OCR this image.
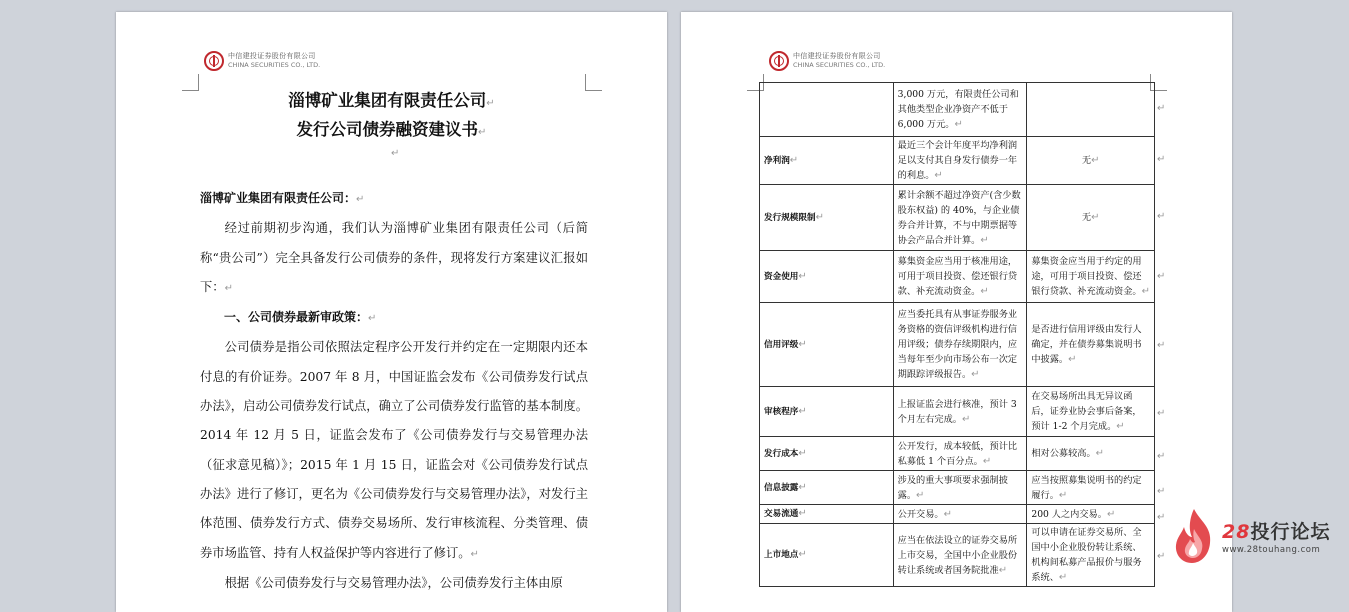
中信建投证券股份有限公司
CHINA SECURITIES CO., LTD.
淄博矿业集团有限责任公司↵
发行公司债券融资建议书↵
↵

淄博矿业集团有限责任公司：↵

经过前期初步沟通，我们认为淄博矿业集团有限责任公司（后简称“贵公司”）完全具备发行公司债券的条件，现将发行方案建议汇报如下：↵

一、公司债券最新审政策：↵

公司债券是指公司依照法定程序公开发行并约定在一定期限内还本付息的有价证券。2007 年 8 月，中国证监会发布《公司债券发行试点办法》，启动公司债券发行试点，确立了公司债券发行监管的基本制度。2014 年 12 月 5 日，证监会发布了《公司债券发行与交易管理办法（征求意见稿）》；2015 年 1 月 15 日，证监会对《公司债券发行试点办法》进行了修订，更名为《公司债券发行与交易管理办法》，对发行主体范围、债券发行方式、债券交易场所、发行审核流程、分类管理、债券市场监管、持有人权益保护等内容进行了修订。↵

根据《公司债券发行与交易管理办法》，公司债券发行主体由原

中信建投证券股份有限公司
CHINA SECURITIES CO., LTD.
	3,000 万元，有限责任公司和其他类型企业净资产不低于 6,000 万元。↵	
净利润↵	最近三个会计年度平均净利润足以支付其自身发行债券一年的利息。↵	无↵
发行规模限制↵	累计余额不超过净资产(含少数股东权益) 的 40%，与企业债券合并计算，不与中期票据等协会产品合并计算。↵	无↵
资金使用↵	募集资金应当用于核准用途，可用于项目投资、偿还银行贷款、补充流动资金。↵	募集资金应当用于约定的用途，可用于项目投资、偿还银行贷款、补充流动资金。↵
信用评级↵	应当委托具有从事证券服务业务资格的资信评级机构进行信用评级；债券存续期限内，应当每年至少向市场公布一次定期跟踪评级报告。↵	是否进行信用评级由发行人确定，并在债券募集说明书中披露。↵
审核程序↵	上报证监会进行核准，预计 3 个月左右完成。↵	在交易场所出具无异议函后，证券业协会事后备案，预计 1-2 个月完成。↵
发行成本↵	公开发行，成本较低，预计比私募低 1 个百分点。↵	相对公募较高。↵
信息披露↵	涉及的重大事项要求强制披露。↵	应当按照募集说明书的约定履行。↵
交易流通↵	公开交易。↵	200 人之内交易。↵
上市地点↵	应当在依法设立的证券交易所上市交易，全国中小企业股份转让系统或者国务院批准↵	可以申请在证券交易所、全国中小企业股份转让系统、机构间私募产品报价与服务系统、↵
↵
↵
↵
↵
↵
↵
↵
↵
↵
↵
28投行论坛
www.28touhang.com
